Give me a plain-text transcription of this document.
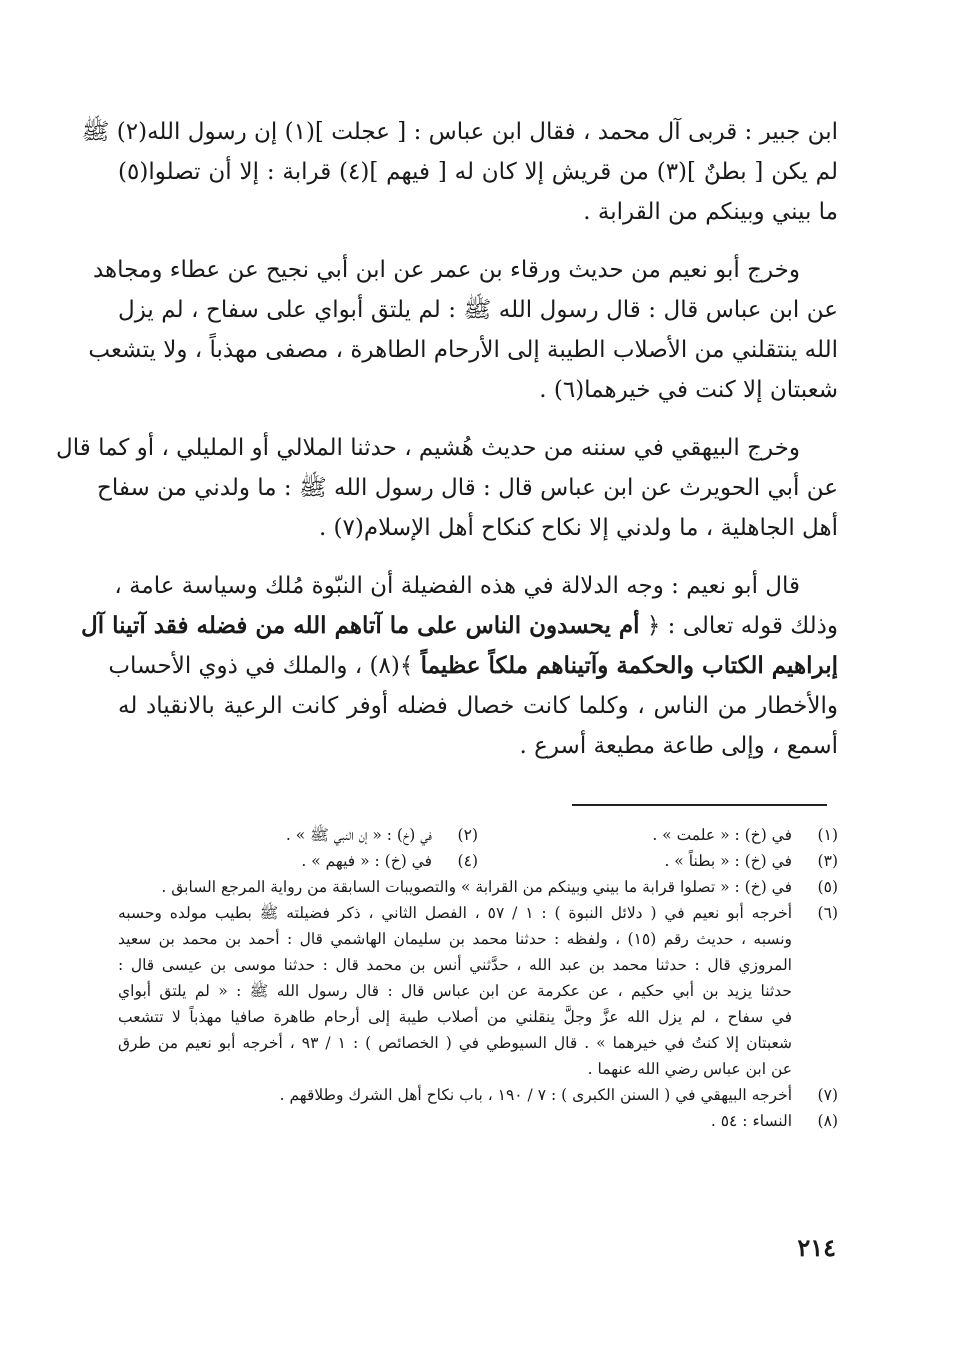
ابن جبير : قربى آل محمد ، فقال ابن عباس : [ عجلت ](١) إن رسول الله(٢) ﷺ
لم يكن [ بطنٌ ](٣) من قريش إلا كان له [ فيهم ](٤) قرابة : إلا أن تصلوا(٥)
ما بيني وبينكم من القرابة .
وخرج أبو نعيم من حديث ورقاء بن عمر عن ابن أبي نجيح عن عطاء ومجاهد
عن ابن عباس قال : قال رسول الله ﷺ : لم يلتق أبواي على سفاح ، لم يزل
الله ينتقلني من الأصلاب الطيبة إلى الأرحام الطاهرة ، مصفى مهذباً ، ولا يتشعب
شعبتان إلا كنت في خيرهما(٦) .
وخرج البيهقي في سننه من حديث هُشيم ، حدثنا الملالي أو المليلي ، أو كما قال
عن أبي الحويرث عن ابن عباس قال : قال رسول الله ﷺ : ما ولدني من سفاح
أهل الجاهلية ، ما ولدني إلا نكاح كنكاح أهل الإسلام(٧) .
قال أبو نعيم : وجه الدلالة في هذه الفضيلة أن النبّوة مُلك وسياسة عامة ،
وذلك قوله تعالى : ﴿ أم يحسدون الناس على ما آتاهم الله من فضله فقد آتينا آل
إبراهيم الكتاب والحكمة وآتيناهم ملكاً عظيماً ﴾(٨) ، والملك في ذوي الأحساب
والأخطار من الناس ، وكلما كانت خصال فضله أوفر كانت الرعية بالانقياد له
أسمع ، وإلى طاعة مطيعة أسرع .
(١)
في (خ) : « علمت » .
(٢)
في (خ) : « إن النبي ﷺ » .
(٣)
في (خ) : « بطناً » .
(٤)
في (خ) : « فيهم » .
(٥)
في (خ) : « تصلوا قرابة ما بيني وبينكم من القرابة » والتصويبات السابقة من رواية المرجع السابق .
(٦)
أخرجه أبو نعيم في ( دلائل النبوة ) : ١ / ٥٧ ، الفصل الثاني ، ذكر فضيلته ﷺ بطيب مولده وحسبه
ونسبه ، حديث رقم (١٥) ، ولفظه : حدثنا محمد بن سليمان الهاشمي قال : أحمد بن محمد بن سعيد
المروزي قال : حدثنا محمد بن عبد الله ، حدَّثني أنس بن محمد قال : حدثنا موسى بن عيسى قال :
حدثنا يزيد بن أبي حكيم ، عن عكرمة عن ابن عباس قال : قال رسول الله ﷺ : « لم يلتق أبواي
في سفاح ، لم يزل الله عزَّ وجلَّ ينقلني من أصلاب طيبة إلى أرحام طاهرة صافيا مهذباً لا تتشعب
شعبتان إلا كنتُ في خيرهما » . قال السيوطي في ( الخصائص ) : ١ / ٩٣ ، أخرجه أبو نعيم من طرق
عن ابن عباس رضي الله عنهما .
(٧)
أخرجه البيهقي في ( السنن الكبرى ) : ٧ / ١٩٠ ، باب نكاح أهل الشرك وطلاقهم .
(٨)
النساء : ٥٤ .
٢١٤
